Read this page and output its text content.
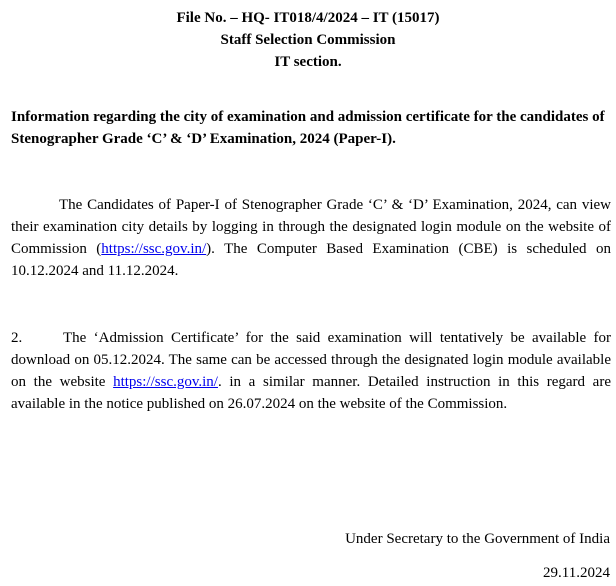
File No. – HQ- IT018/4/2024 – IT (15017)
Staff Selection Commission
IT section.
Information regarding the city of examination and admission certificate for the candidates of Stenographer Grade ‘C’ & ‘D’ Examination, 2024 (Paper-I).
The Candidates of Paper-I of Stenographer Grade ‘C’ & ‘D’ Examination, 2024, can view their examination city details by logging in through the designated login module on the website of Commission (https://ssc.gov.in/). The Computer Based Examination (CBE) is scheduled on 10.12.2024 and 11.12.2024.
2.	The ‘Admission Certificate’ for the said examination will tentatively be available for download on 05.12.2024. The same can be accessed through the designated login module available on the website https://ssc.gov.in/. in a similar manner. Detailed instruction in this regard are available in the notice published on 26.07.2024 on the website of the Commission.
Under Secretary to the Government of India
29.11.2024
